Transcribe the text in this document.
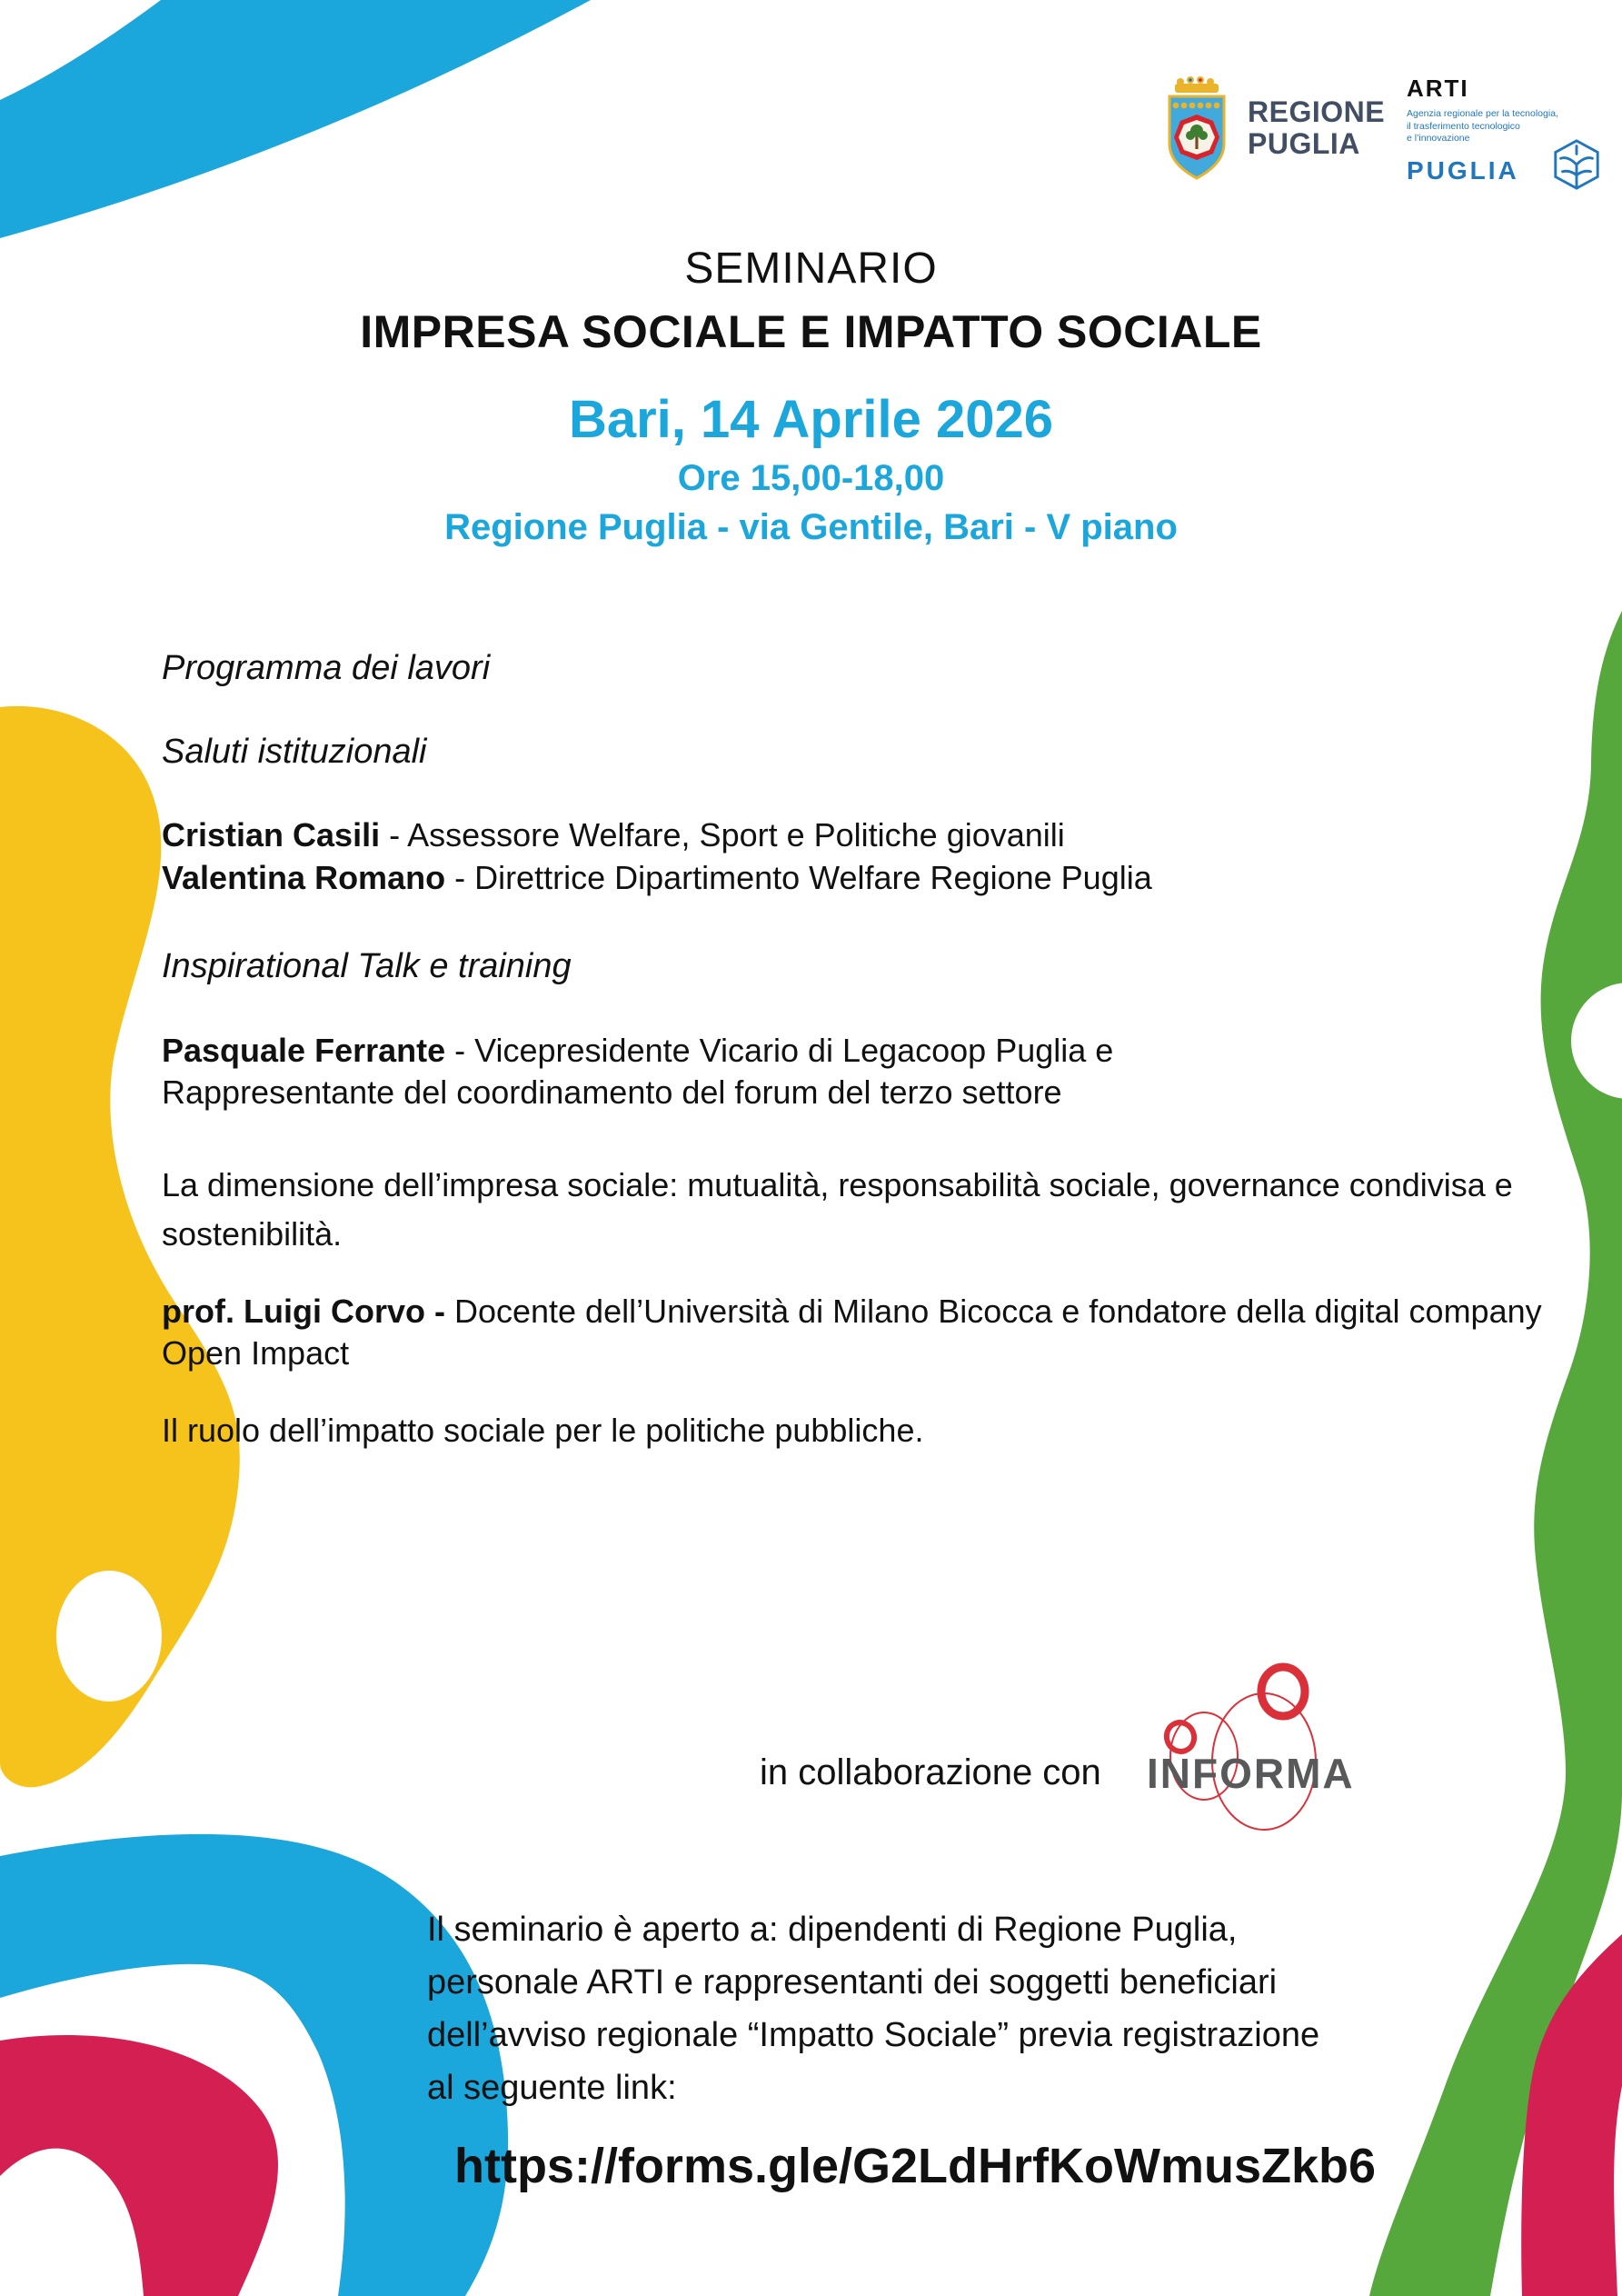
REGIONE
PUGLIA
ARTI
Agenzia regionale per la tecnologia,
il trasferimento tecnologico
e l’innovazione
PUGLIA
SEMINARIO
IMPRESA SOCIALE E IMPATTO SOCIALE
Bari, 14 Aprile 2026
Ore 15,00-18,00
Regione Puglia - via Gentile, Bari - V piano
Programma dei lavori
Saluti istituzionali
Cristian Casili - Assessore Welfare, Sport e Politiche giovanili
Valentina Romano - Direttrice Dipartimento Welfare Regione Puglia
Inspirational Talk e training
Pasquale Ferrante - Vicepresidente Vicario di Legacoop Puglia e
Rappresentante del coordinamento del forum del terzo settore
La dimensione dell’impresa sociale: mutualità, responsabilità sociale, governance condivisa e
sostenibilità.
prof. Luigi Corvo - Docente dell’Università di Milano Bicocca e fondatore della digital company
Open Impact
Il ruolo dell’impatto sociale per le politiche pubbliche.
in collaborazione con INFORMA
Il seminario è aperto a: dipendenti di Regione Puglia,
personale ARTI e rappresentanti dei soggetti beneficiari
dell’avviso regionale “Impatto Sociale” previa registrazione
al seguente link:
https://forms.gle/G2LdHrfKoWmusZkb6
